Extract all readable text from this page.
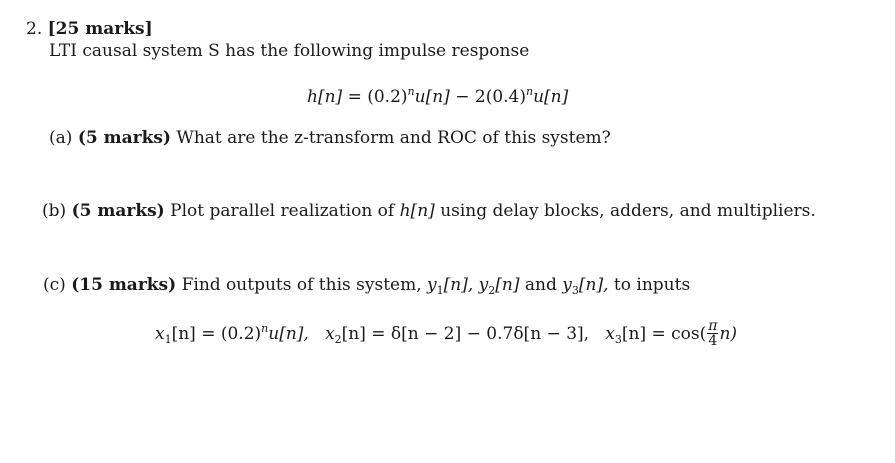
2. [25 marks]
LTI causal system S has the following impulse response
$h[n] = (0.2)^nu[n] - 2(0.4)^nu[n]$
(a) (5 marks) What are the z-transform and ROC of this system?
(b) (5 marks) Plot parallel realization of h[n] using delay blocks, adders, and multipliers.
(c) (15 marks) Find outputs of this system, $y_1[n]$, $y_2[n]$ and $y_3[n]$, to inputs
$x_1[n] = (0.2)^nu[n]$, $x_2[n] = \delta[n - 2] - 0.7\delta[n - 3]$, $x_3[n] = \cos( \frac{\pi}{4} n)$
